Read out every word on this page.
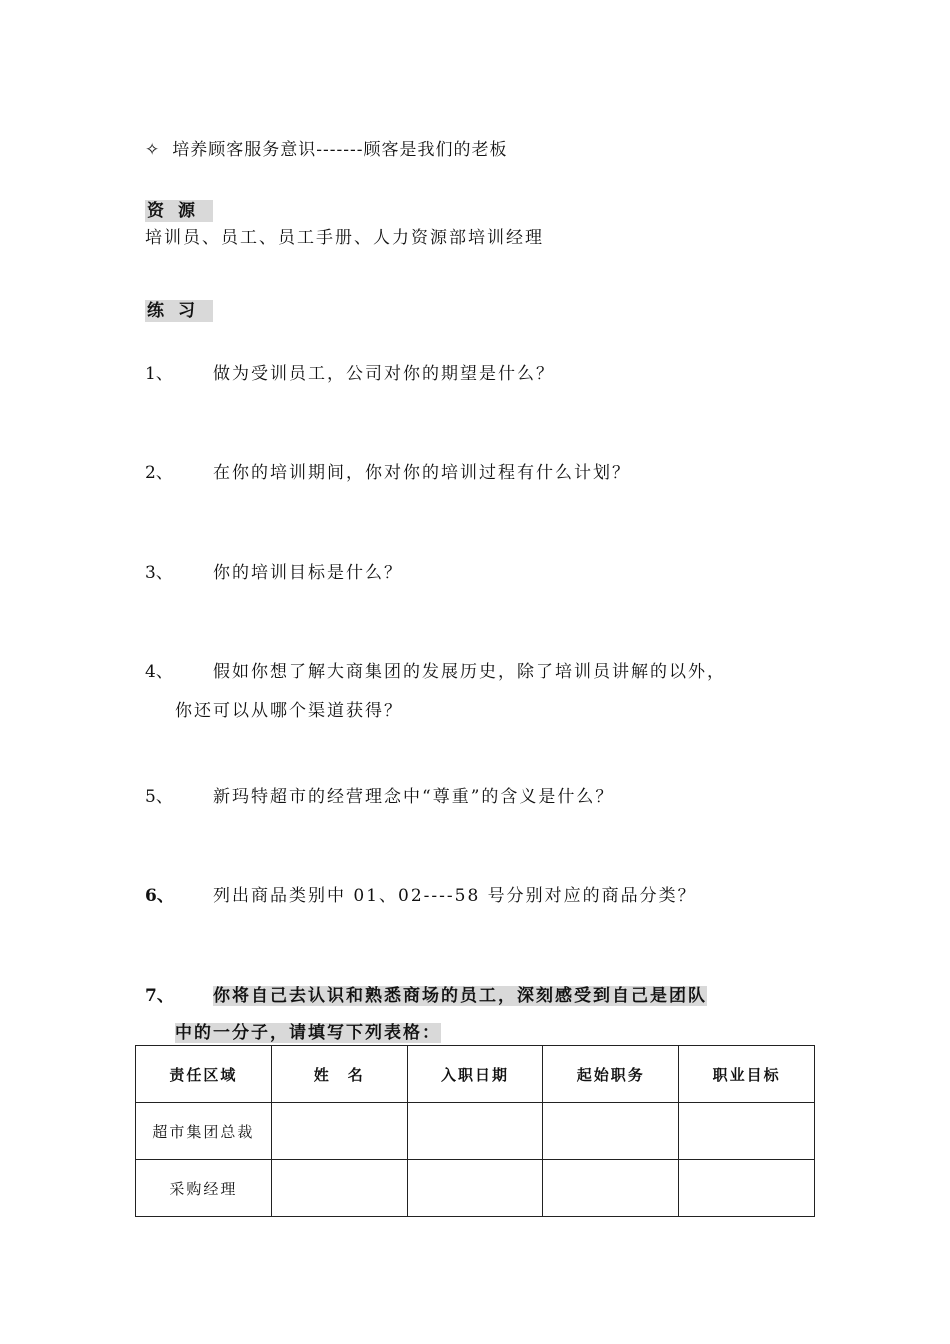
✧ 培养顾客服务意识-------顾客是我们的老板
资源
培训员、员工、员工手册、人力资源部培训经理
练习
1、 做为受训员工，公司对你的期望是什么？
2、 在你的培训期间，你对你的培训过程有什么计划？
3、 你的培训目标是什么？
4、 假如你想了解大商集团的发展历史，除了培训员讲解的以外，
你还可以从哪个渠道获得？
5、 新玛特超市的经营理念中“尊重”的含义是什么？
6、 列出商品类别中 01、02----58 号分别对应的商品分类？
7、 你将自己去认识和熟悉商场的员工，深刻感受到自己是团队
中的一分子，请填写下列表格：
责任区域	姓　名	入职日期	起始职务	职业目标
超市集团总裁				
采购经理				
